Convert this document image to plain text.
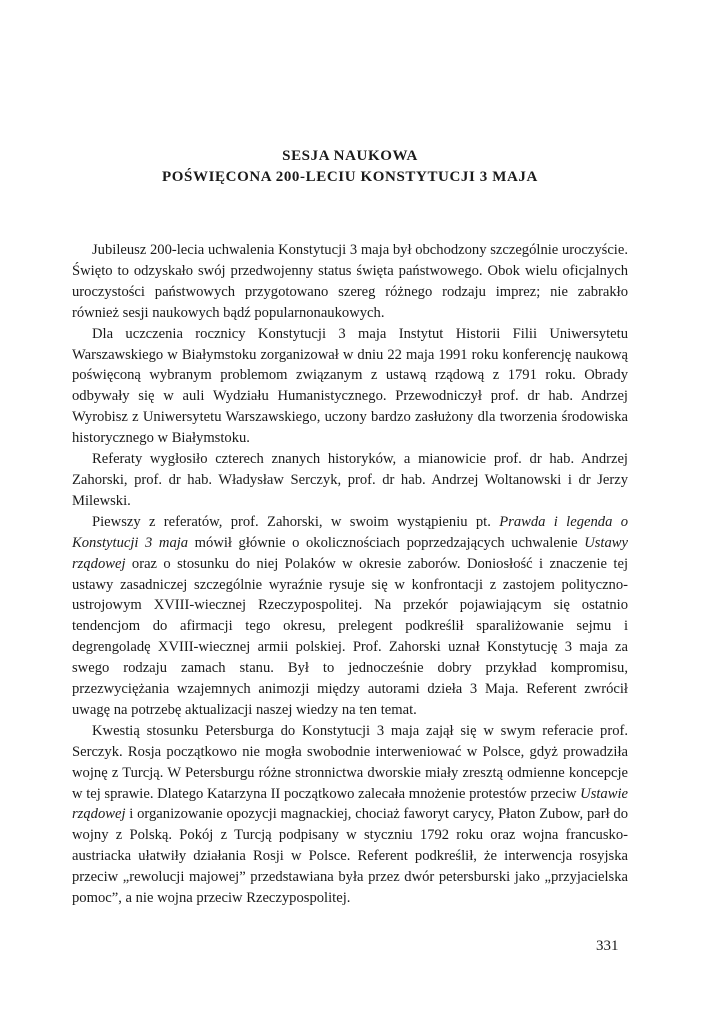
SESJA NAUKOWA
POŚWIĘCONA 200-LECIU KONSTYTUCJI 3 MAJA

Jubileusz 200-lecia uchwalenia Konstytucji 3 maja był obchodzony szczególnie uroczyście. Święto to odzyskało swój przedwojenny status święta państwowego. Obok wielu oficjalnych uroczystości państwowych przygotowano szereg różnego rodzaju imprez; nie zabrakło również sesji naukowych bądź popularnonaukowych.

Dla uczczenia rocznicy Konstytucji 3 maja Instytut Historii Filii Uniwersytetu Warszawskiego w Białymstoku zorganizował w dniu 22 maja 1991 roku konferencję naukową poświęconą wybranym problemom związanym z ustawą rządową z 1791 roku. Obrady odbywały się w auli Wydziału Humanistycznego. Przewodniczył prof. dr hab. Andrzej Wyrobisz z Uniwersytetu Warszawskiego, uczony bardzo zasłużony dla tworzenia środowiska historycznego w Białymstoku.

Referaty wygłosiło czterech znanych historyków, a mianowicie prof. dr hab. Andrzej Zahorski, prof. dr hab. Władysław Serczyk, prof. dr hab. Andrzej Woltanowski i dr Jerzy Milewski.

Piewszy z referatów, prof. Zahorski, w swoim wystąpieniu pt. Prawda i legenda o Konstytucji 3 maja mówił głównie o okolicznościach poprzedzających uchwalenie Ustawy rządowej oraz o stosunku do niej Polaków w okresie zaborów. Doniosłość i znaczenie tej ustawy zasadniczej szczególnie wyraźnie rysuje się w konfrontacji z zastojem polityczno-ustrojowym XVIII-wiecznej Rzeczypospolitej. Na przekór pojawiającym się ostatnio tendencjom do afirmacji tego okresu, prelegent podkreślił sparaliżowanie sejmu i degrengoladę XVIII-wiecznej armii polskiej. Prof. Zahorski uznał Konstytucję 3 maja za swego rodzaju zamach stanu. Był to jednocześnie dobry przykład kompromisu, przezwyciężania wzajemnych animozji między autorami dzieła 3 Maja. Referent zwrócił uwagę na potrzebę aktualizacji naszej wiedzy na ten temat.

Kwestią stosunku Petersburga do Konstytucji 3 maja zajął się w swym referacie prof. Serczyk. Rosja początkowo nie mogła swobodnie interweniować w Polsce, gdyż prowadziła wojnę z Turcją. W Petersburgu różne stronnictwa dworskie miały zresztą odmienne koncepcje w tej sprawie. Dlatego Katarzyna II początkowo zalecała mnożenie protestów przeciw Ustawie rządowej i organizowanie opozycji magnackiej, chociaż faworyt carycy, Płaton Zubow, parł do wojny z Polską. Pokój z Turcją podpisany w styczniu 1792 roku oraz wojna francusko-austriacka ułatwiły działania Rosji w Polsce. Referent podkreślił, że interwencja rosyjska przeciw „rewolucji majowej” przedstawiana była przez dwór petersburski jako „przyjacielska pomoc”, a nie wojna przeciw Rzeczypospolitej.

331
